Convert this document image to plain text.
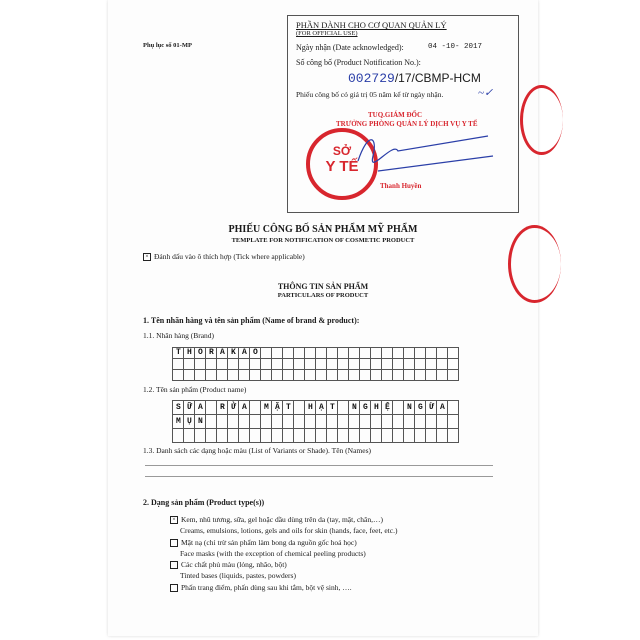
Phụ lục số 01-MP
PHẦN DÀNH CHO CƠ QUAN QUẢN LÝ
(FOR OFFICIAL USE)
Ngày nhận (Date acknowledged):	04 -10- 2017
Số công bố (Product Notification No.):
002729/17/CBMP-HCM
Phiếu công bố có giá trị 05 năm kể từ ngày nhận.	~✓
TUQ.GIÁM ĐỐC
TRƯỞNG PHÒNG QUẢN LÝ DỊCH VỤ Y TẾ
SỞ
Y TẾ
Thanh Huyền
PHIẾU CÔNG BỐ SẢN PHẨM MỸ PHẨM
TEMPLATE FOR NOTIFICATION OF COSMETIC PRODUCT
× Đánh dấu vào ô thích hợp (Tick where applicable)
THÔNG TIN SẢN PHẨM
PARTICULARS OF PRODUCT
1. Tên nhãn hàng và tên sản phẩm (Name of brand & product):
1.1. Nhãn hàng (Brand)
THORAKAO
1.2. Tên sản phẩm (Product name)
SỮA RỬA MẶT HẠT NGHỆ NGỪA
MỤN
1.3. Danh sách các dạng hoặc màu (List of Variants or Shade). Tên (Names)
2. Dạng sản phẩm (Product type(s))
× Kem, nhũ tương, sữa, gel hoặc dầu dùng trên da (tay, mặt, chân,…)
Creams, emulsions, lotions, gels and oils for skin (hands, face, feet, etc.)
Mặt nạ (chỉ trừ sản phẩm làm bong da nguồn gốc hoá học)
Face masks (with the exception of chemical peeling products)
Các chất phủ màu (lỏng, nhão, bột)
Tinted bases (liquids, pastes, powders)
Phấn trang điểm, phấn dùng sau khi tắm, bột vệ sinh, ….
